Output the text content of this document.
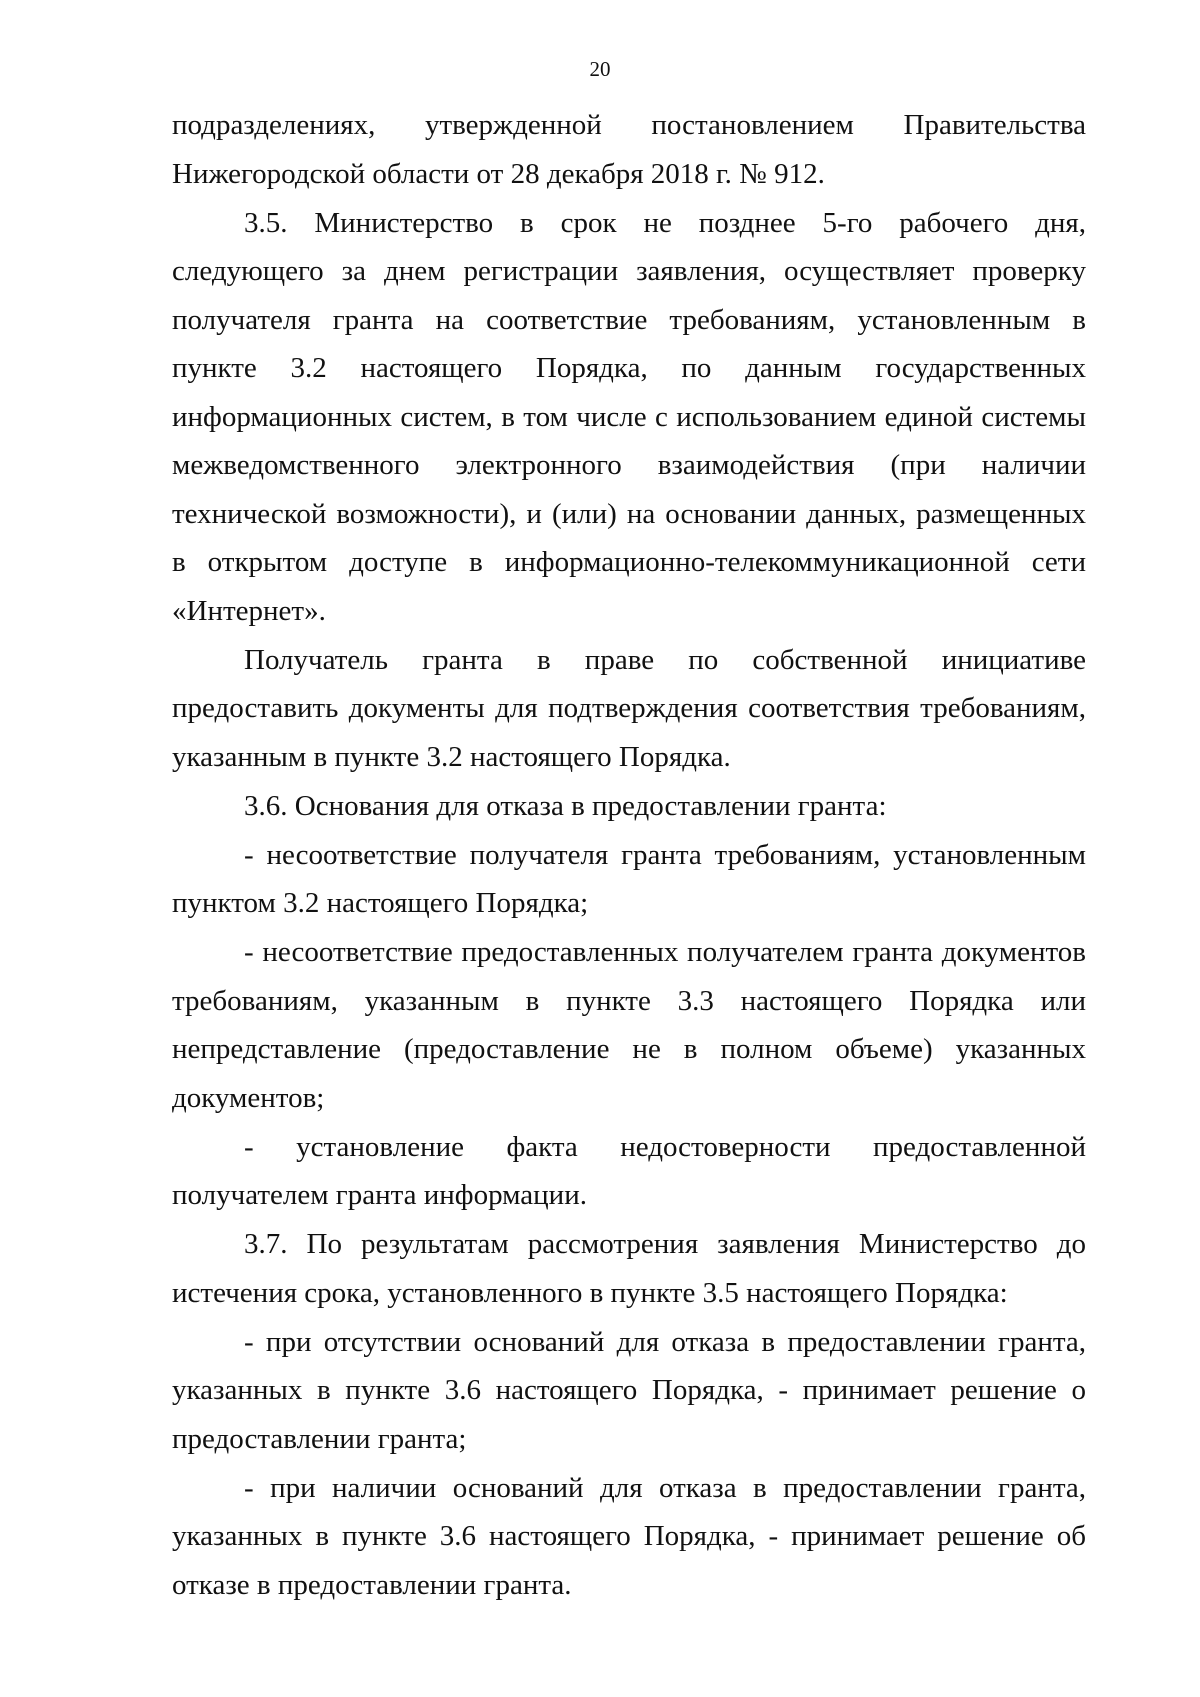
20

подразделениях, утвержденной постановлением Правительства Нижегородской области от 28 декабря 2018 г. № 912.

3.5. Министерство в срок не позднее 5-го рабочего дня, следующего за днем регистрации заявления, осуществляет проверку получателя гранта на соответствие требованиям, установленным в пункте 3.2 настоящего Порядка, по данным государственных информационных систем, в том числе с использованием единой системы межведомственного электронного взаимодействия (при наличии технической возможности), и (или) на основании данных, размещенных в открытом доступе в информационно-телекоммуникационной сети «Интернет».

Получатель гранта в праве по собственной инициативе предоставить документы для подтверждения соответствия требованиям, указанным в пункте 3.2 настоящего Порядка.

3.6. Основания для отказа в предоставлении гранта:

- несоответствие получателя гранта требованиям, установленным пунктом 3.2 настоящего Порядка;

- несоответствие предоставленных получателем гранта документов требованиям, указанным в пункте 3.3 настоящего Порядка или непредставление (предоставление не в полном объеме) указанных документов;

- установление факта недостоверности предоставленной получателем гранта информации.

3.7. По результатам рассмотрения заявления Министерство до истечения срока, установленного в пункте 3.5 настоящего Порядка:

- при отсутствии оснований для отказа в предоставлении гранта, указанных в пункте 3.6 настоящего Порядка, - принимает решение о предоставлении гранта;

- при наличии оснований для отказа в предоставлении гранта, указанных в пункте 3.6 настоящего Порядка, - принимает решение об отказе в предоставлении гранта.
